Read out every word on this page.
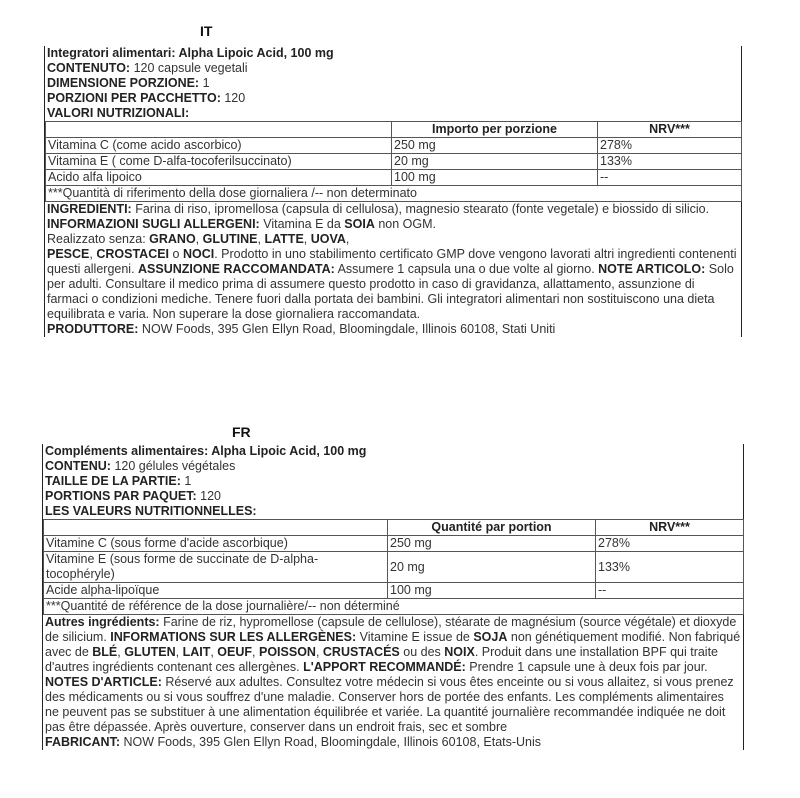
IT
Integratori alimentari: Alpha Lipoic Acid, 100 mg
CONTENUTO: 120 capsule vegetali
DIMENSIONE PORZIONE: 1
PORZIONI PER PACCHETTO: 120
VALORI NUTRIZIONALI:
	Importo per porzione	NRV***
Vitamina C (come acido ascorbico)	250 mg	278%
Vitamina E ( come D-alfa-tocoferilsuccinato)	20 mg	133%
Acido alfa lipoico	100 mg	--
***Quantità di riferimento della dose giornaliera /-- non determinato		
INGREDIENTI: Farina di riso, ipromellosa (capsula di cellulosa), magnesio stearato (fonte vegetale) e biossido di silicio. INFORMAZIONI SUGLI ALLERGENI: Vitamina E da SOIA non OGM.
Realizzato senza: GRANO, GLUTINE, LATTE, UOVA,
PESCE, CROSTACEI o NOCI. Prodotto in uno stabilimento certificato GMP dove vengono lavorati altri ingredienti contenenti questi allergeni. ASSUNZIONE RACCOMANDATA: Assumere 1 capsula una o due volte al giorno. NOTE ARTICOLO: Solo per adulti. Consultare il medico prima di assumere questo prodotto in caso di gravidanza, allattamento, assunzione di farmaci o condizioni mediche. Tenere fuori dalla portata dei bambini. Gli integratori alimentari non sostituiscono una dieta equilibrata e varia. Non superare la dose giornaliera raccomandata.
PRODUTTORE: NOW Foods, 395 Glen Ellyn Road, Bloomingdale, Illinois 60108, Stati Uniti
FR
Compléments alimentaires: Alpha Lipoic Acid, 100 mg
CONTENU: 120 gélules végétales
TAILLE DE LA PARTIE: 1
PORTIONS PAR PAQUET: 120
LES VALEURS NUTRITIONNELLES:
	Quantité par portion	NRV***
Vitamine C (sous forme d'acide ascorbique)	250 mg	278%
Vitamine E (sous forme de succinate de D-alpha-tocophéryle)	20 mg	133%
Acide alpha-lipoïque	100 mg	--
***Quantité de référence de la dose journalière/-- non déterminé		
Autres ingrédients: Farine de riz, hypromellose (capsule de cellulose), stéarate de magnésium (source végétale) et dioxyde de silicium. INFORMATIONS SUR LES ALLERGÈNES: Vitamine E issue de SOJA non génétiquement modifié. Non fabriqué avec de BLÉ, GLUTEN, LAIT, OEUF, POISSON, CRUSTACÉS ou des NOIX. Produit dans une installation BPF qui traite d'autres ingrédients contenant ces allergènes. L'APPORT RECOMMANDÉ: Prendre 1 capsule une à deux fois par jour. NOTES D'ARTICLE: Réservé aux adultes. Consultez votre médecin si vous êtes enceinte ou si vous allaitez, si vous prenez des médicaments ou si vous souffrez d'une maladie. Conserver hors de portée des enfants. Les compléments alimentaires ne peuvent pas se substituer à une alimentation équilibrée et variée. La quantité journalière recommandée indiquée ne doit pas être dépassée. Après ouverture, conserver dans un endroit frais, sec et sombre
FABRICANT: NOW Foods, 395 Glen Ellyn Road, Bloomingdale, Illinois 60108, Etats-Unis
